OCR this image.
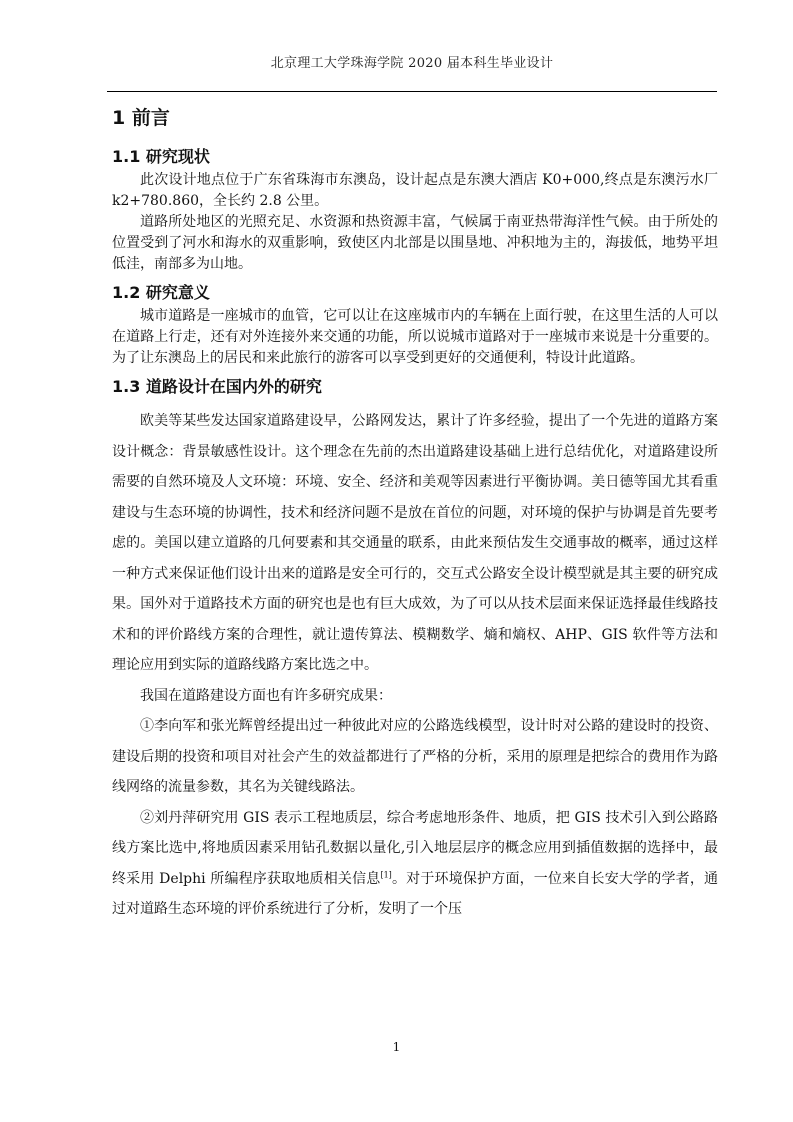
北京理工大学珠海学院 2020 届本科生毕业设计
1 前言
1.1 研究现状

此次设计地点位于广东省珠海市东澳岛，设计起点是东澳大酒店 K0+000,终点是东澳污水厂 k2+780.860，全长约 2.8 公里。

道路所处地区的光照充足、水资源和热资源丰富，气候属于南亚热带海洋性气候。由于所处的位置受到了河水和海水的双重影响，致使区内北部是以围垦地、冲积地为主的，海拔低，地势平坦低洼，南部多为山地。

1.2 研究意义

城市道路是一座城市的血管，它可以让在这座城市内的车辆在上面行驶，在这里生活的人可以在道路上行走，还有对外连接外来交通的功能，所以说城市道路对于一座城市来说是十分重要的。为了让东澳岛上的居民和来此旅行的游客可以享受到更好的交通便利，特设计此道路。

1.3 道路设计在国内外的研究

欧美等某些发达国家道路建设早，公路网发达，累计了许多经验，提出了一个先进的道路方案设计概念：背景敏感性设计。这个理念在先前的杰出道路建设基础上进行总结优化，对道路建设所需要的自然环境及人文环境：环境、安全、经济和美观等因素进行平衡协调。美日德等国尤其看重建设与生态环境的协调性，技术和经济问题不是放在首位的问题，对环境的保护与协调是首先要考虑的。美国以建立道路的几何要素和其交通量的联系，由此来预估发生交通事故的概率，通过这样一种方式来保证他们设计出来的道路是安全可行的，交互式公路安全设计模型就是其主要的研究成果。国外对于道路技术方面的研究也是也有巨大成效，为了可以从技术层面来保证选择最佳线路技术和的评价路线方案的合理性，就让遗传算法、模糊数学、熵和熵权、AHP、GIS 软件等方法和理论应用到实际的道路线路方案比选之中。

我国在道路建设方面也有许多研究成果：

①李向军和张光辉曾经提出过一种彼此对应的公路选线模型，设计时对公路的建设时的投资、建设后期的投资和项目对社会产生的效益都进行了严格的分析，采用的原理是把综合的费用作为路线网络的流量参数，其名为关键线路法。

②刘丹萍研究用 GIS 表示工程地质层，综合考虑地形条件、地质，把 GIS 技术引入到公路路线方案比选中,将地质因素采用钻孔数据以量化,引入地层层序的概念应用到插值数据的选择中，最终采用 Delphi 所编程序获取地质相关信息[1]。对于环境保护方面，一位来自长安大学的学者，通过对道路生态环境的评价系统进行了分析，发明了一个压

1
